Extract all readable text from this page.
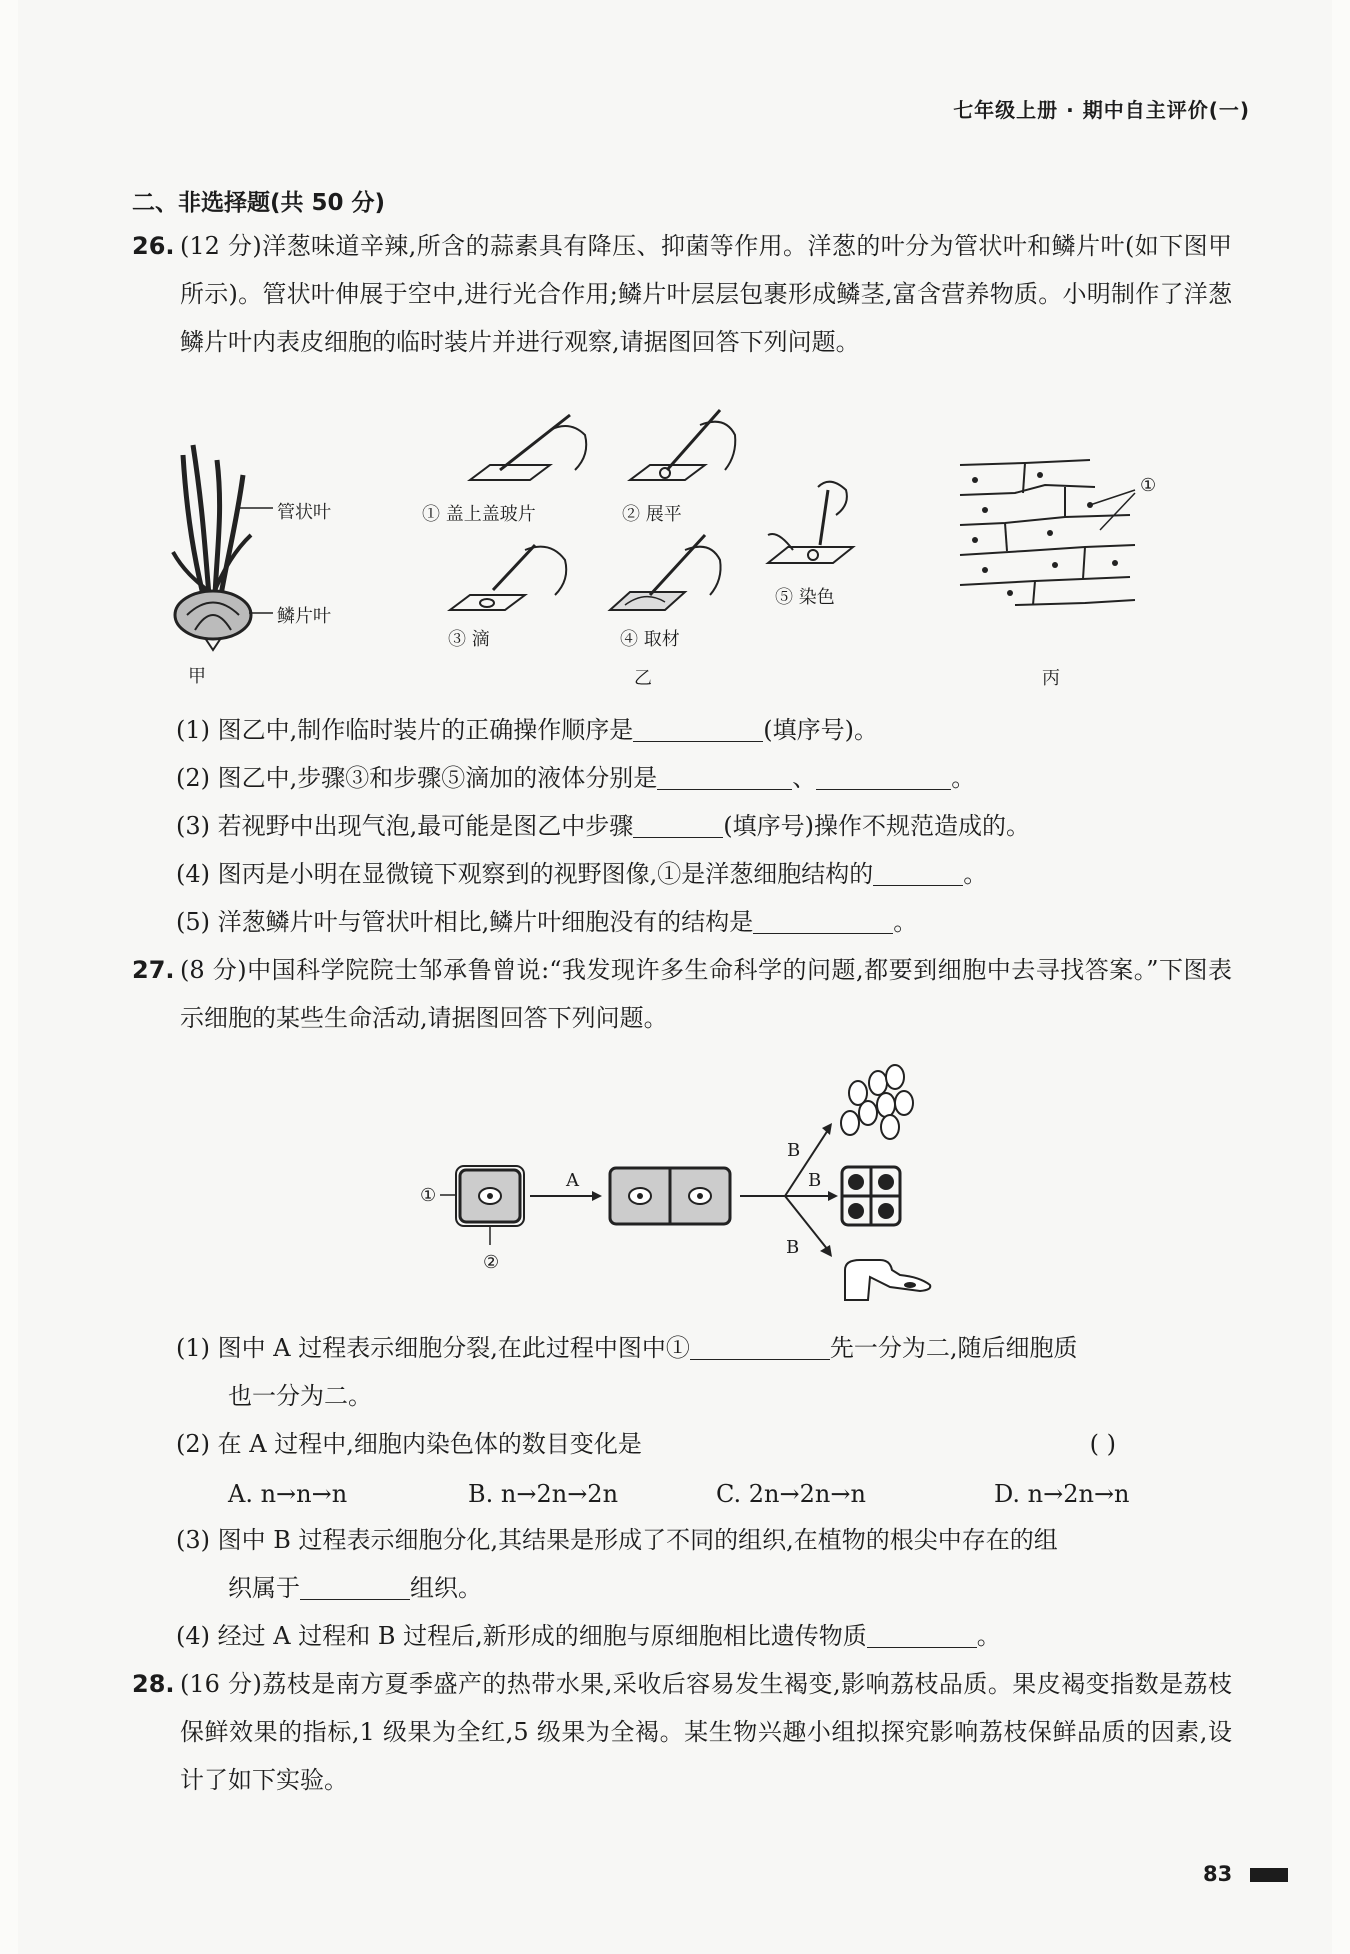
七年级上册 · 期中自主评价(一)
二、非选择题(共 50 分)
26. (12 分)洋葱味道辛辣,所含的蒜素具有降压、抑菌等作用。洋葱的叶分为管状叶和鳞片叶(如下图甲所示)。管状叶伸展于空中,进行光合作用;鳞片叶层层包裹形成鳞茎,富含营养物质。小明制作了洋葱鳞片叶内表皮细胞的临时装片并进行观察,请据图回答下列问题。
管状叶
鳞片叶
甲
① 盖上盖玻片	② 展平
③ 滴	④ 取材
⑤ 染色
乙
①
丙
(1) 图乙中,制作临时装片的正确操作顺序是	(填序号)。
(2) 图乙中,步骤③和步骤⑤滴加的液体分别是	、	。
(3) 若视野中出现气泡,最可能是图乙中步骤	(填序号)操作不规范造成的。
(4) 图丙是小明在显微镜下观察到的视野图像,①是洋葱细胞结构的	。
(5) 洋葱鳞片叶与管状叶相比,鳞片叶细胞没有的结构是	。
27. (8 分)中国科学院院士邹承鲁曾说:“我发现许多生命科学的问题,都要到细胞中去寻找答案。”下图表示细胞的某些生命活动,请据图回答下列问题。
①
②
A
B
B
B
(1) 图中 A 过程表示细胞分裂,在此过程中图中①	先一分为二,随后细胞质
也一分为二。
(2) 在 A 过程中,细胞内染色体的数目变化是	( )
A. n→n→n	B. n→2n→2n	C. 2n→2n→n	D. n→2n→n
(3) 图中 B 过程表示细胞分化,其结果是形成了不同的组织,在植物的根尖中存在的组
织属于	组织。
(4) 经过 A 过程和 B 过程后,新形成的细胞与原细胞相比遗传物质	。
28. (16 分)荔枝是南方夏季盛产的热带水果,采收后容易发生褐变,影响荔枝品质。果皮褐变指数是荔枝保鲜效果的指标,1 级果为全红,5 级果为全褐。某生物兴趣小组拟探究影响荔枝保鲜品质的因素,设计了如下实验。
83
